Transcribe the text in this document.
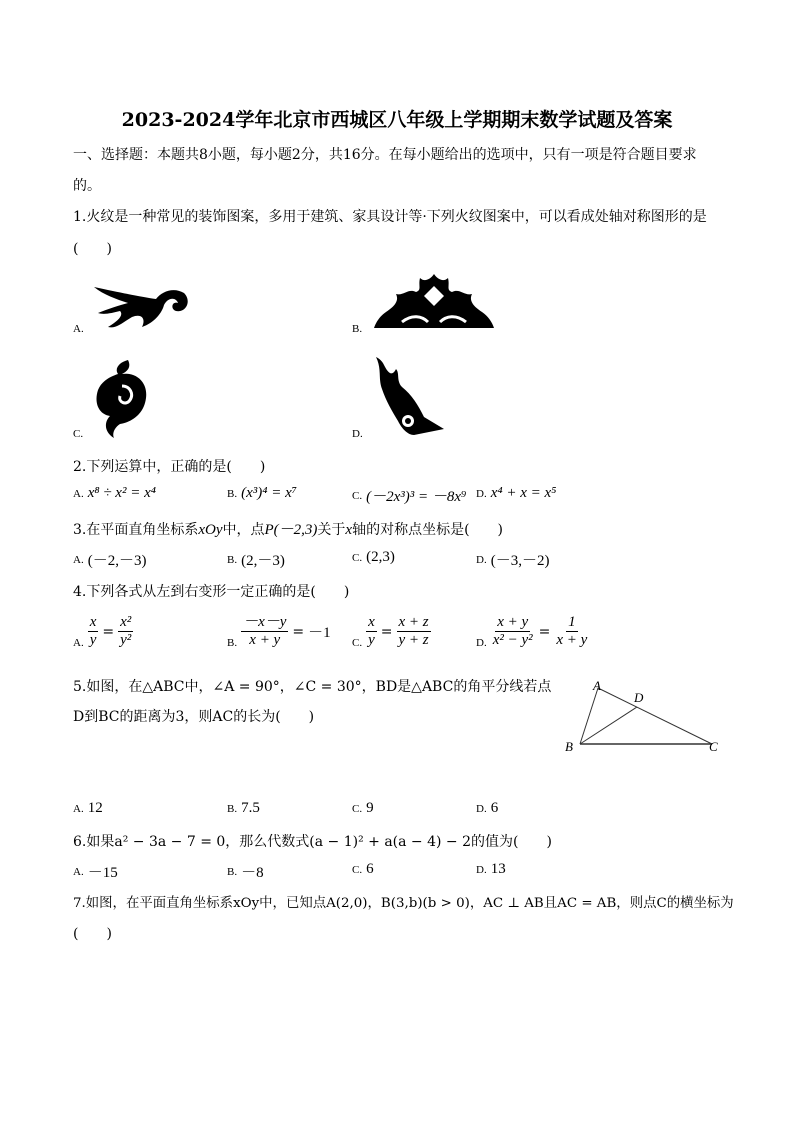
2023-2024学年北京市西城区八年级上学期期末数学试题及答案
一、选择题：本题共8小题，每小题2分，共16分。在每小题给出的选项中，只有一项是符合题目要求
的。
1.火纹是一种常见的装饰图案，多用于建筑、家具设计等·下列火纹图案中，可以看成处轴对称图形的是
(　　)
A.	B.
C.	D.
2.下列运算中，正确的是(　　)
A. x⁸ ÷ x² = x⁴	B. (x³)⁴ = x⁷	C. (－2x³)³ = －8x⁹ D. x⁴ + x = x⁵
3.在平面直角坐标系xOy中，点P(－2,3)关于x轴的对称点坐标是(　　)
A. (－2,－3)	B. (2,－3)	C. (2,3)	D. (－3,－2)
4.下列各式从左到右变形一定正确的是(　　)
A. $\frac{x}{y} = \frac{\text{x²}}{\text{y²}}$	B. $\frac{-x-y}{x + y} = -1$
C. $\frac{x}{y} = \frac{x + z}{y + z}$	D. $\frac{x + y}{\text{x² − y²}} = \frac{1}{x + y}$
5.如图，在△ABC中，∠A = 90°，∠C = 30°，BD是△ABC的角平分线若点
D到BC的距离为3，则AC的长为(　　)
A
D
B	C
A. 12	B. 7.5	C. 9	D. 6
6.如果a² − 3a − 7 = 0，那么代数式(a − 1)² + a(a − 4) − 2的值为(　　)
A. －15	B. －8	C. 6	D. 13
7.如图，在平面直角坐标系xOy中，已知点A(2,0)，B(3,b)(b > 0)，AC ⊥ AB且AC = AB，则点C的横坐标为
(　　)
